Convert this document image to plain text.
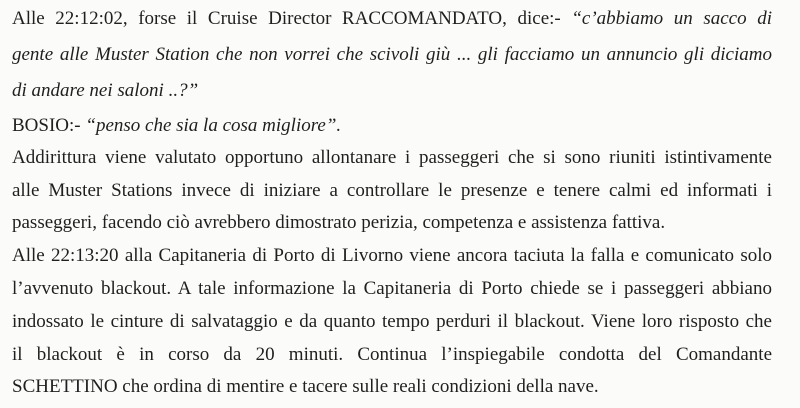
Alle 22:12:02, forse il Cruise Director RACCOMANDATO, dice:- “c’abbiamo un sacco di
gente alle Muster Station che non vorrei che scivoli giù ... gli facciamo un annuncio gli diciamo
di andare nei saloni ..?”
BOSIO:- “penso che sia la cosa migliore”.
Addirittura viene valutato opportuno allontanare i passeggeri che si sono riuniti istintivamente
alle Muster Stations invece di iniziare a controllare le presenze e tenere calmi ed informati i
passeggeri, facendo ciò avrebbero dimostrato perizia, competenza e assistenza fattiva.
Alle 22:13:20 alla Capitaneria di Porto di Livorno viene ancora taciuta la falla e comunicato solo
l’avvenuto blackout. A tale informazione la Capitaneria di Porto chiede se i passeggeri abbiano
indossato le cinture di salvataggio e da quanto tempo perduri il blackout. Viene loro risposto che
il blackout è in corso da 20 minuti. Continua l’inspiegabile condotta del Comandante
SCHETTINO che ordina di mentire e tacere sulle reali condizioni della nave.
